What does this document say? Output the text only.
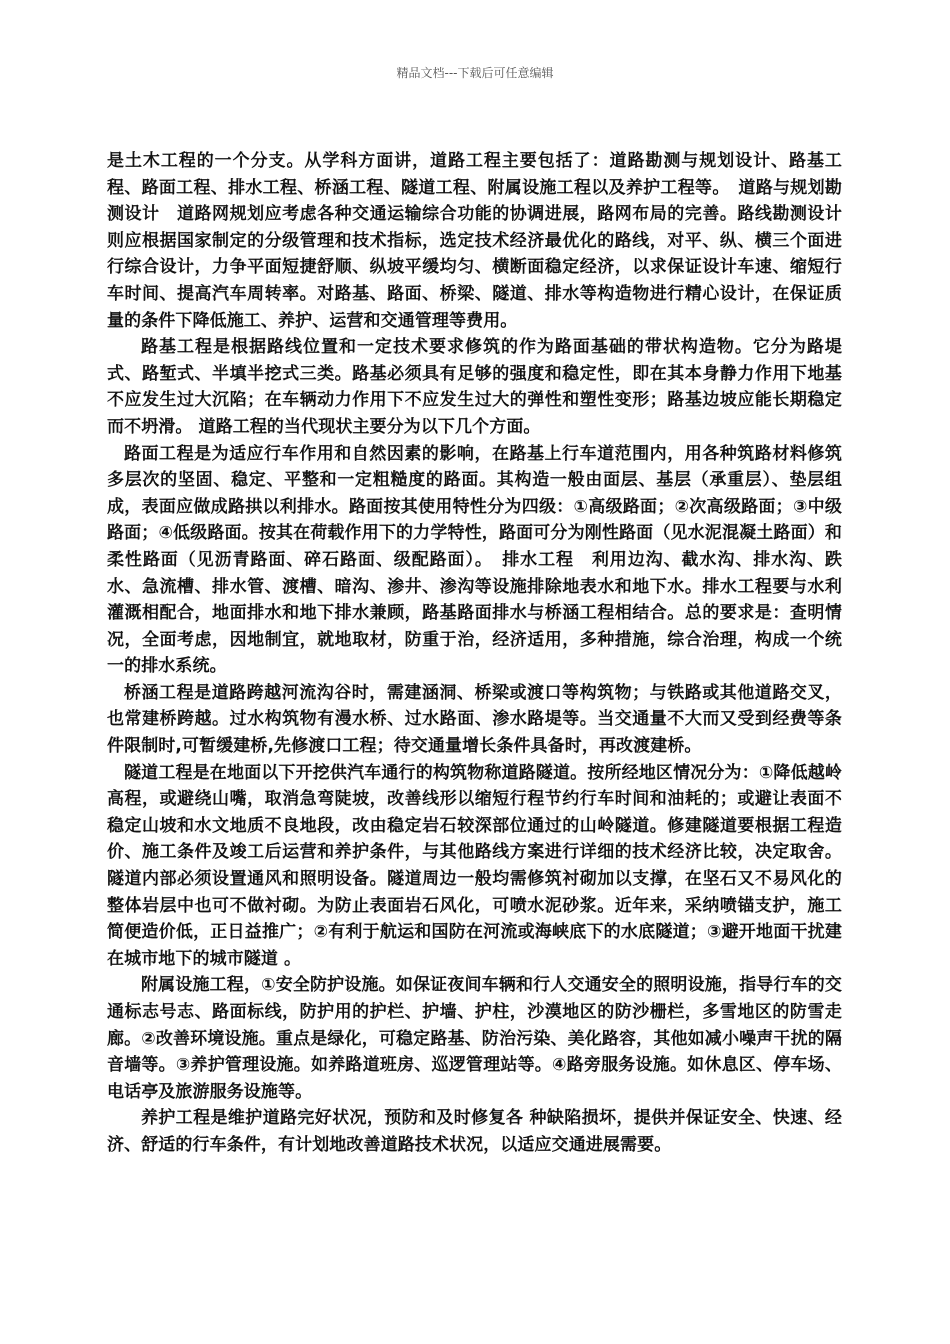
精品文档---下载后可任意编辑

是土木工程的一个分支。从学科方面讲，道路工程主要包括了：道路勘测与规划设计、路基工程、路面工程、排水工程、桥涵工程、隧道工程、附属设施工程以及养护工程等。　道路与规划勘测设计　道路网规划应考虑各种交通运输综合功能的协调进展，路网布局的完善。路线勘测设计则应根据国家制定的分级管理和技术指标，选定技术经济最优化的路线，对平、纵、横三个面进 行综合设计，力争平面短捷舒顺、纵坡平缓均匀、横断面稳定经济，以求保证设计车速、缩短行车时间、提高汽车周转率。对路基、路面、桥梁、隧道、排水等构造物进行精心设计，在保证质量的条件下降低施工、养护、运营和交通管理等费用。

路基工程是根据路线位置和一定技术要求修筑的作为路面基础的带状构造物。它分为路堤式、路堑式、半填半挖式三类。路基必须具有足够的强度和稳定性，即在其本身静力作用下地基不应发生过大沉陷；在车辆动力作用下不应发生过大的弹性和塑性变形；路基边坡应能长期稳定而不坍滑。 道路工程的当代现状主要分为以下几个方面。

路面工程是为适应行车作用和自然因素的影响，在路基上行车道范围内，用各种筑路材料修筑多层次的坚固、稳定、平整和一定粗糙度的路面。其构造一般由面层、基层（承重层）、垫层组成，表面应做成路拱以利排水。路面按其使用特性分为四级：①高级路面；②次高级路面；③中级路面；④低级路面。按其在荷载作用下的力学特性，路面可分为刚性路面（见水泥混凝土路面）和柔性路面（见沥青路面、碎石路面、级配路面）。　排水工程　利用边沟、截水沟、排水沟、跌水、急流槽、排水管、渡槽、暗沟、渗井、渗沟等设施排除地表水和地下水。排水工程要与水利灌溉相配合，地面排水和地下排水兼顾，路基路面排水与桥涵工程相结合。总的要求是：查明情况，全面考虑，因地制宜，就地取材，防重于治，经济适用，多种措施，综合治理，构成一个统一的排水系统。

桥涵工程是道路跨越河流沟谷时，需建涵洞、桥梁或渡口等构筑物；与铁路或其他道路交叉，也常建桥跨越。过水构筑物有漫水桥、过水路面、渗水路堤等。当交通量不大而又受到经费等条件限制时,可暂缓建桥,先修渡口工程；待交通量增长条件具备时，再改渡建桥。

隧道工程是在地面以下开挖供汽车通行的构筑物称道路隧道。按所经地区情况分为：①降低越岭高程，或避绕山嘴，取消急弯陡坡，改善线形以缩短行程节约行车时间和油耗的；或避让表面不稳定山坡和水文地质不良地段，改由稳定岩石较深部位通过的山岭隧道。修建隧道要根据工程造价、施工条件及竣工后运营和养护条件，与其他路线方案进行详细的技术经济比较，决定取舍。隧道内部必须设置通风和照明设备。隧道周边一般均需修筑衬砌加以支撑，在坚石又不易风化的整体岩层中也可不做衬砌。为防止表面岩石风化，可喷水泥砂浆。近年来，采纳喷锚支护，施工简便造价低，正日益推广；②有利于航运和国防在河流或海峡底下的水底隧道；③避开地面干扰建在城市地下的城市隧道 。

附属设施工程，①安全防护设施。如保证夜间车辆和行人交通安全的照明设施，指导行车的交通标志号志、路面标线，防护用的护栏、护墙、护柱，沙漠地区的防沙栅栏，多雪地区的防雪走廊。②改善环境设施。重点是绿化，可稳定路基、防治污染、美化路容，其他如减小噪声干扰的隔音墙等。③养护管理设施。如养路道班房、巡逻管理站等。④路旁服务设施。如休息区、停车场、电话亭及旅游服务设施等。

养护工程是维护道路完好状况，预防和及时修复各 种缺陷损坏，提供并保证安全、快速、经济、舒适的行车条件，有计划地改善道路技术状况，以适应交通进展需要。
